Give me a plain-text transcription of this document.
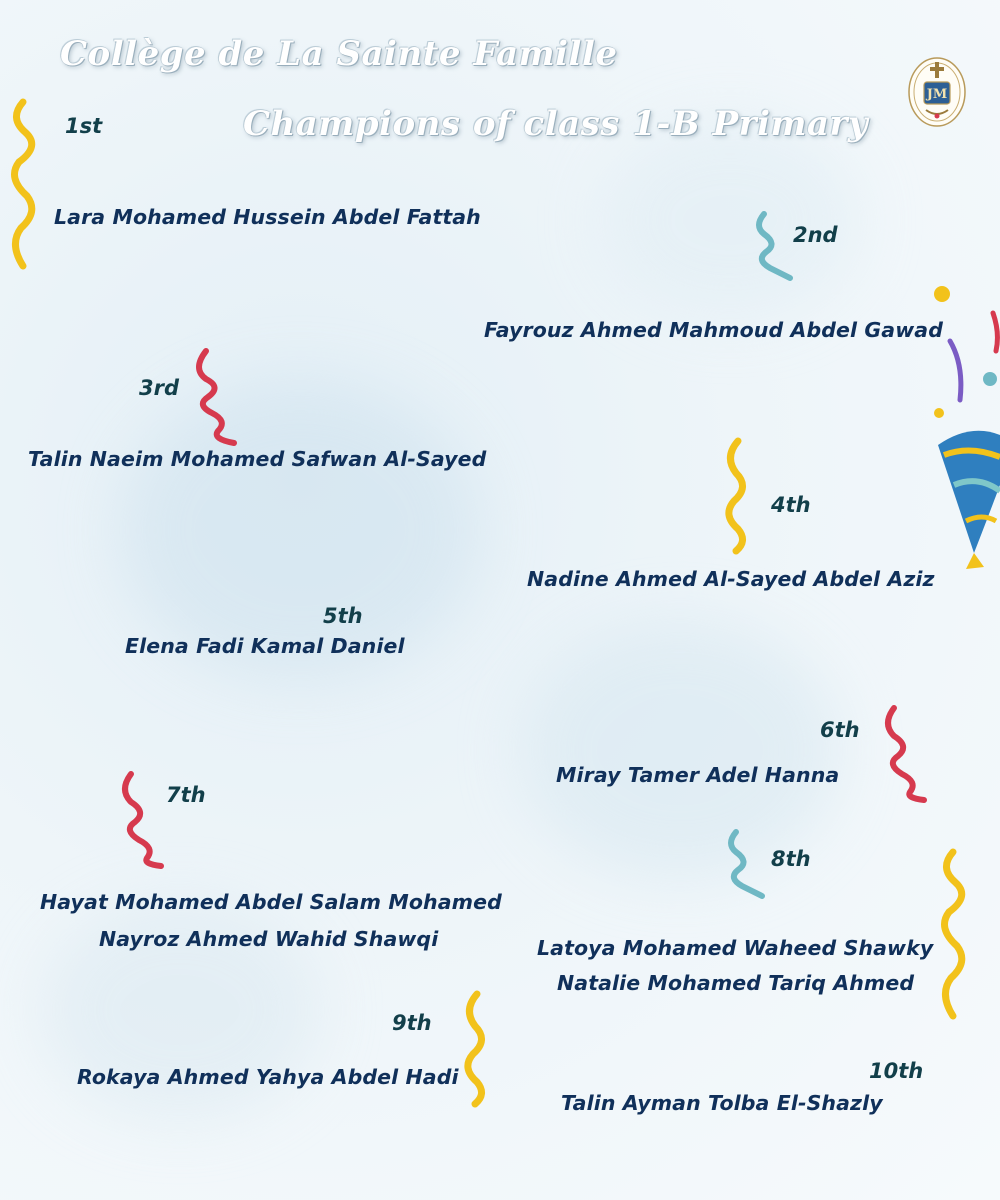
Collège de La Sainte Famille
Champions of class 1-B Primary
JM
1st
2nd
3rd
4th
5th
6th
7th
8th
9th
10th
Lara Mohamed Hussein Abdel Fattah
Fayrouz Ahmed Mahmoud Abdel Gawad
Talin Naeim Mohamed Safwan Al-Sayed
Nadine Ahmed Al-Sayed Abdel Aziz
Elena Fadi Kamal Daniel
Miray Tamer Adel Hanna
Hayat Mohamed Abdel Salam Mohamed
Nayroz Ahmed Wahid Shawqi	Latoya Mohamed Waheed Shawky
Natalie Mohamed Tariq Ahmed
Rokaya Ahmed Yahya Abdel Hadi
Talin Ayman Tolba El-Shazly
